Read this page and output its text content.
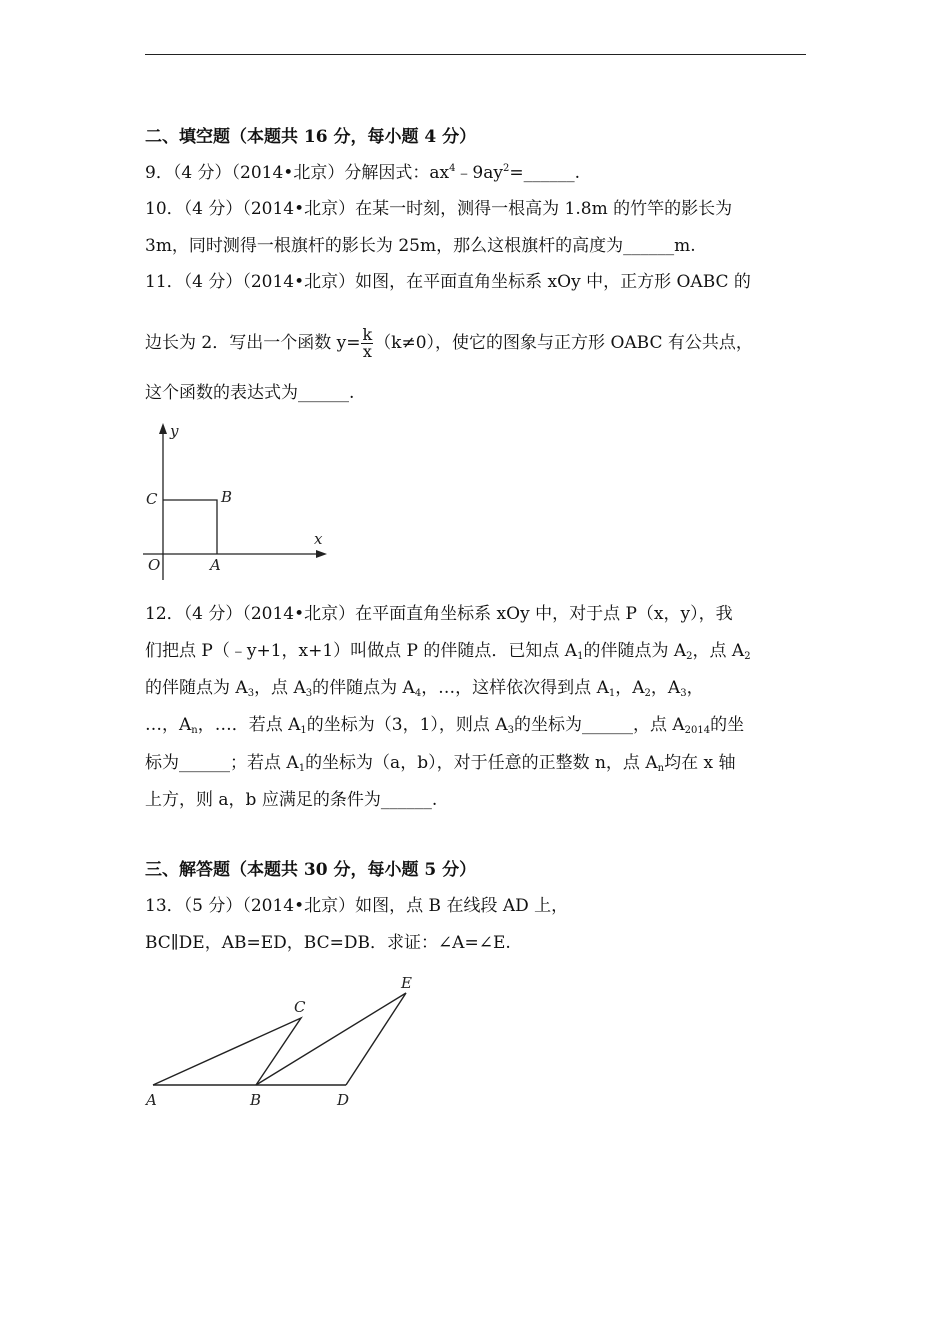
二、填空题（本题共 16 分，每小题 4 分）
9．（4 分）（2014•北京）分解因式：$ax^4﹣9ay^2=\_\_\_\_\_\_$.
10．（4 分）（2014•北京）在某一时刻，测得一根高为 1.8m 的竹竿的影长为
3m，同时测得一根旗杆的影长为 25m，那么这根旗杆的高度为______m.
11．（4 分）（2014•北京）如图，在平面直角坐标系 xOy 中，正方形 OABC 的
边长为 2．写出一个函数 $y= \frac{k}{x} (k\ne 0)$，使它的图象与正方形 OABC 有公共点，
这个函数的表达式为______.
y
x
C	B
O	A
12．（4 分）（2014•北京）在平面直角坐标系 xOy 中，对于点 P（x，y），我
们把点 P（﹣y+1，x+1）叫做点 P 的伴随点．已知点 $A_1$的伴随点为 $A_2$，点 $A_2$
的伴随点为 $A_3$，点 $A_3$的伴随点为 $A_4$，…，这样依次得到点 $A_1$，$A_2$，$A_3$，
…，$A_n$，…．若点 $A_1$的坐标为（3，1），则点 $A_3$的坐标为______，点 $A_{2014}$的坐
标为______；若点 $A_1$的坐标为（a，b），对于任意的正整数 n，点 $A_n$均在 x 轴
上方，则 a，b 应满足的条件为______.
三、解答题（本题共 30 分，每小题 5 分）
13．（5 分）（2014•北京）如图，点 B 在线段 AD 上，
BC∥DE，AB=ED，BC=DB．求证：∠A=∠E.
A	B	D
C
E
